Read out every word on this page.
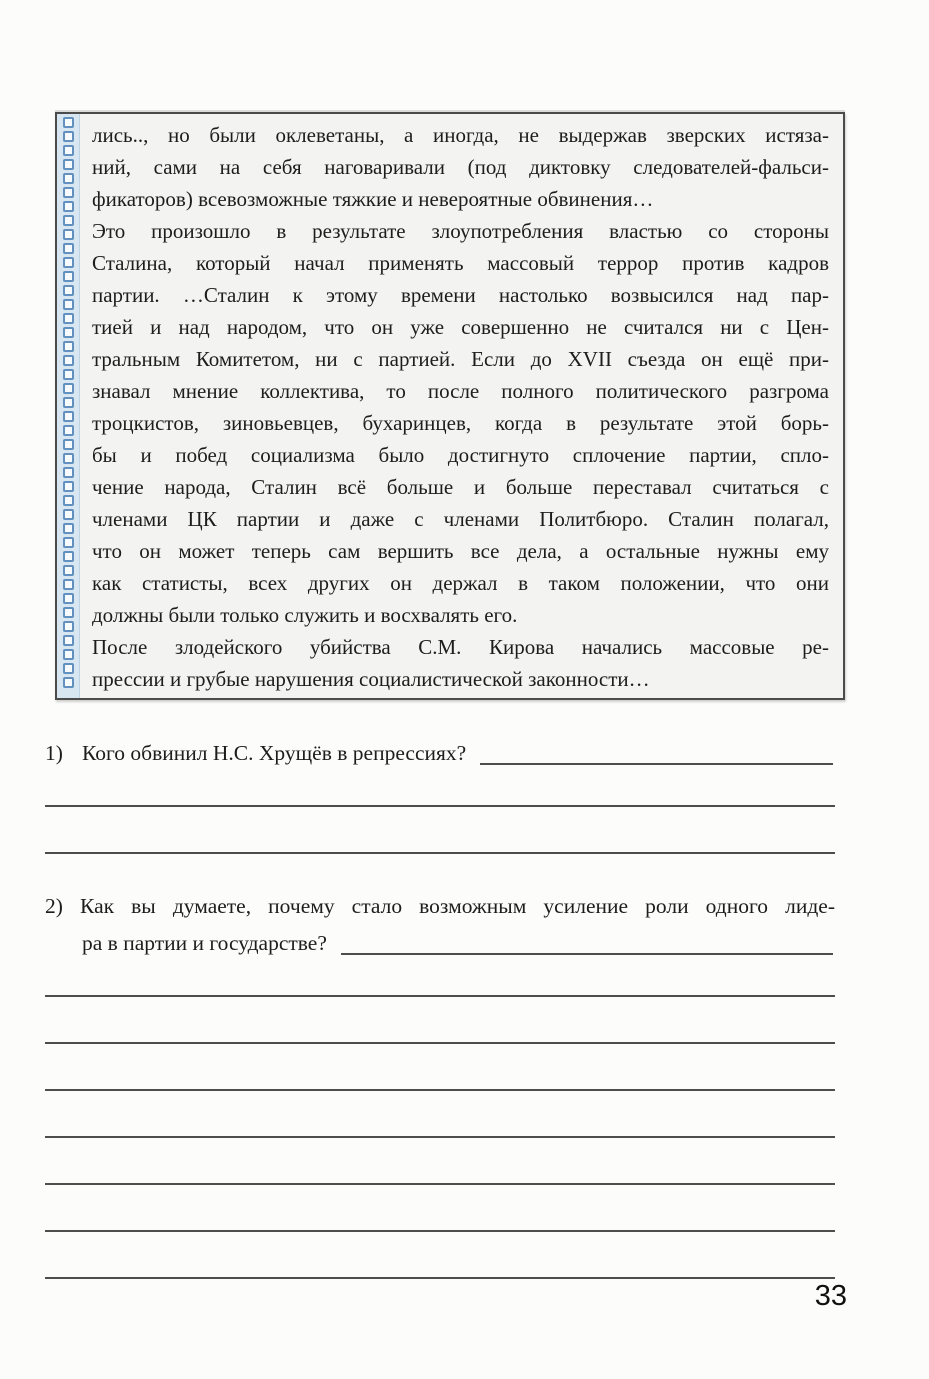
лись.., но были оклеветаны, а иногда, не выдержав зверских истяза-
ний, сами на себя наговаривали (под диктовку следователей-фальси-
фикаторов) всевозможные тяжкие и невероятные обвинения…
Это произошло в результате злоупотребления властью со стороны
Сталина, который начал применять массовый террор против кадров
партии. …Сталин к этому времени настолько возвысился над пар-
тией и над народом, что он уже совершенно не считался ни с Цен-
тральным Комитетом, ни с партией. Если до XVII съезда он ещё при-
знавал мнение коллектива, то после полного политического разгрома
троцкистов, зиновьевцев, бухаринцев, когда в результате этой борь-
бы и побед социализма было достигнуто сплочение партии, спло-
чение народа, Сталин всё больше и больше переставал считаться с
членами ЦК партии и даже с членами Политбюро. Сталин полагал,
что он может теперь сам вершить все дела, а остальные нужны ему
как статисты, всех других он держал в таком положении, что они
должны были только служить и восхвалять его.
После злодейского убийства С.М. Кирова начались массовые ре-
прессии и грубые нарушения социалистической законности…
1) Кого обвинил Н.С. Хрущёв в репрессиях?
2) Как вы думаете, почему стало возможным усиление роли одного лиде-
ра в партии и государстве?
33
